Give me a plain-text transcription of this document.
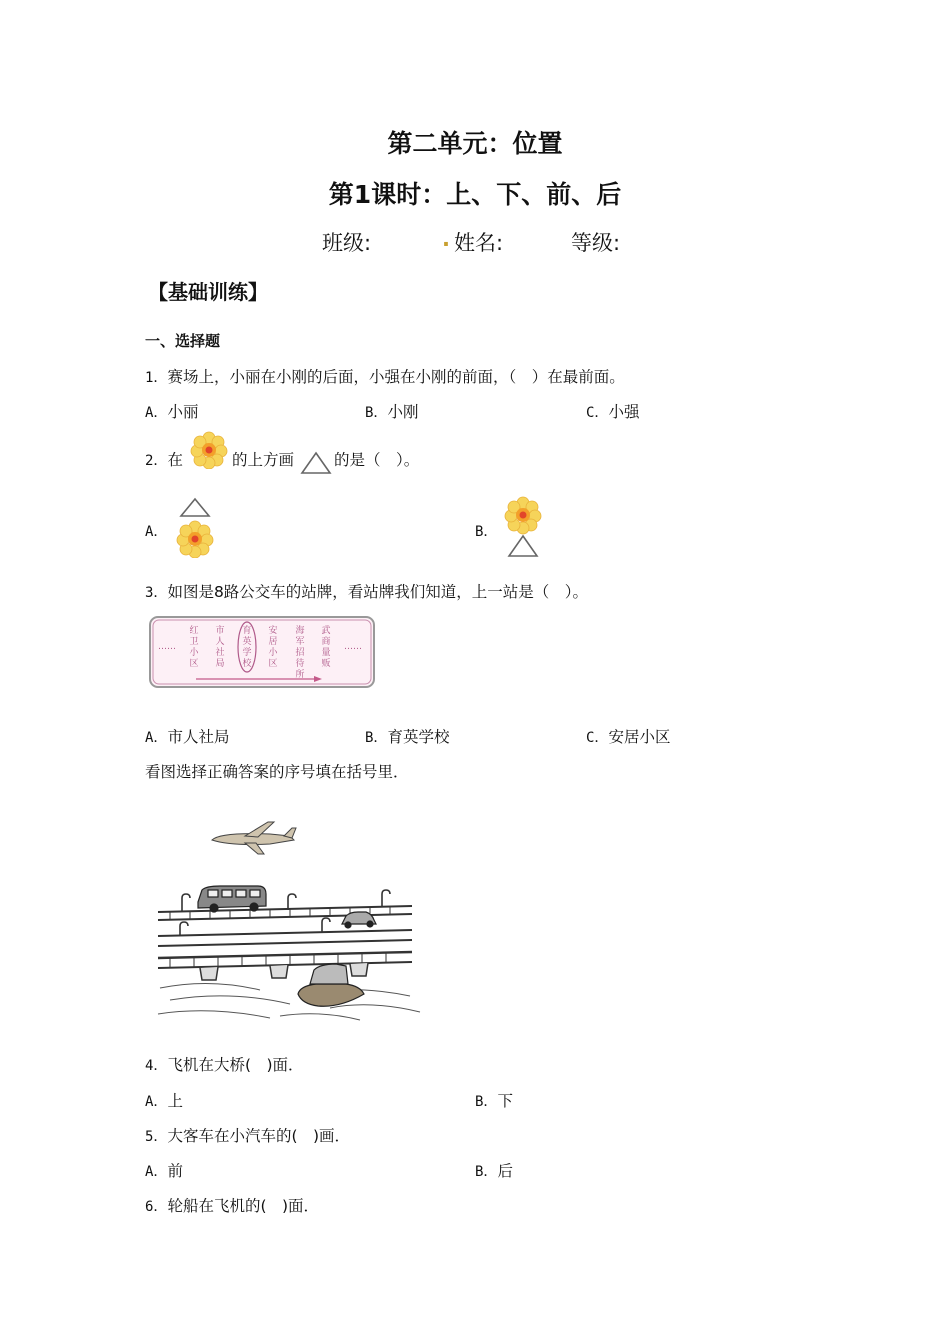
第二单元：位置
第1课时：上、下、前、后
班级:	. 姓名:	等级:
【基础训练】
一、选择题
1．赛场上，小丽在小刚的后面，小强在小刚的前面，（　）在最前面。
A．小丽	B．小刚	C．小强
2．在	的上方画	的是（　）。
A．	B．
3．如图是8路公交车的站牌，看站牌我们知道，上一站是（　）。
……	……
红
卫
小
区
市
人
社
局
育
英
学
校
安
居
小
区
海
军
招
待
所
武
商
量
贩
A．市人社局	B．育英学校	C．安居小区
看图选择正确答案的序号填在括号里．
4．飞机在大桥(　)面．
A．上	B．下
5．大客车在小汽车的(　)画．
A．前	B．后
6．轮船在飞机的(　)面．
